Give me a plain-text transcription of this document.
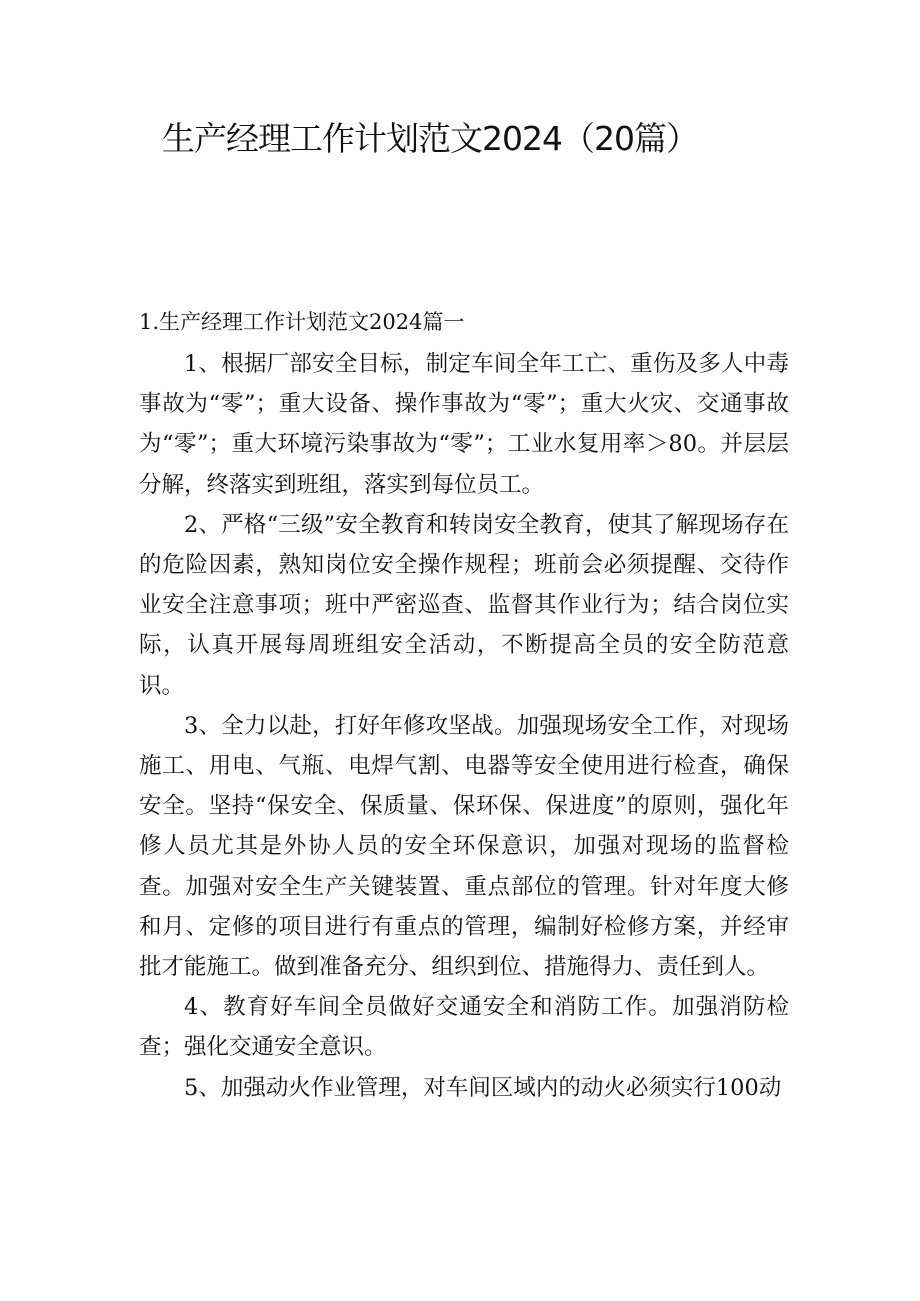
生产经理工作计划范文2024（20篇）
1.生产经理工作计划范文2024篇一

1、根据厂部安全目标，制定车间全年工亡、重伤及多人中毒事故为“零”；重大设备、操作事故为“零”；重大火灾、交通事故为“零”；重大环境污染事故为“零”；工业水复用率＞80。并层层分解，终落实到班组，落实到每位员工。

2、严格“三级”安全教育和转岗安全教育，使其了解现场存在的危险因素，熟知岗位安全操作规程；班前会必须提醒、交待作业安全注意事项；班中严密巡查、监督其作业行为；结合岗位实际，认真开展每周班组安全活动，不断提高全员的安全防范意识。

3、全力以赴，打好年修攻坚战。加强现场安全工作，对现场施工、用电、气瓶、电焊气割、电器等安全使用进行检查，确保安全。坚持“保安全、保质量、保环保、保进度”的原则，强化年修人员尤其是外协人员的安全环保意识，加强对现场的监督检查。加强对安全生产关键装置、重点部位的管理。针对年度大修和月、定修的项目进行有重点的管理，编制好检修方案，并经审批才能施工。做到准备充分、组织到位、措施得力、责任到人。

4、教育好车间全员做好交通安全和消防工作。加强消防检查；强化交通安全意识。

5、加强动火作业管理，对车间区域内的动火必须实行100动
